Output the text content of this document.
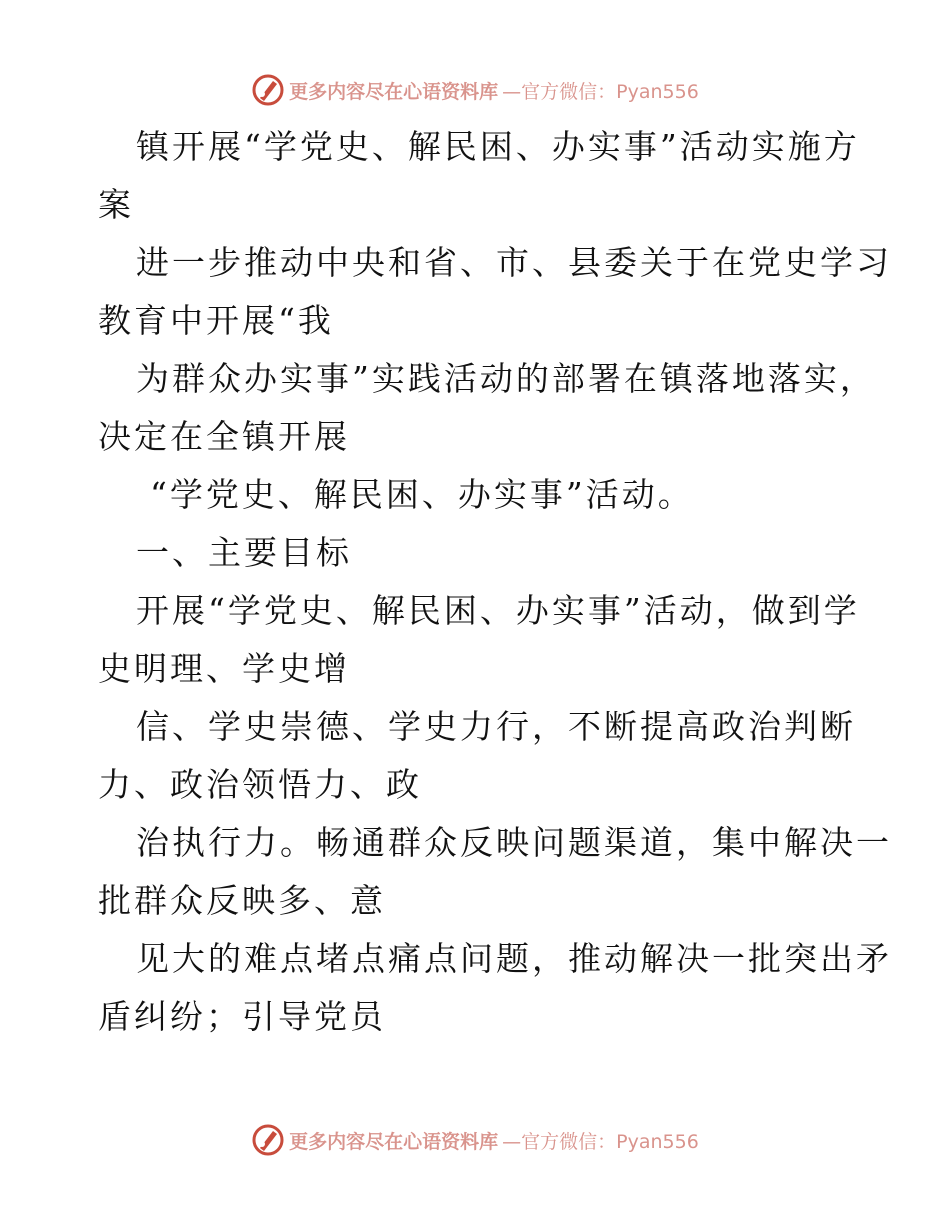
更多内容尽在心语资料库 —官方微信：Pyan556
镇开展“学党史、解民困、办实事”活动实施方
案
进一步推动中央和省、市、县委关于在党史学习
教育中开展“我
为群众办实事”实践活动的部署在镇落地落实，
决定在全镇开展
“学党史、解民困、办实事”活动。
一、主要目标
开展“学党史、解民困、办实事”活动，做到学
史明理、学史增
信、学史崇德、学史力行，不断提高政治判断
力、政治领悟力、政
治执行力。畅通群众反映问题渠道，集中解决一
批群众反映多、意
见大的难点堵点痛点问题，推动解决一批突出矛
盾纠纷；引导党员
更多内容尽在心语资料库 —官方微信：Pyan556
